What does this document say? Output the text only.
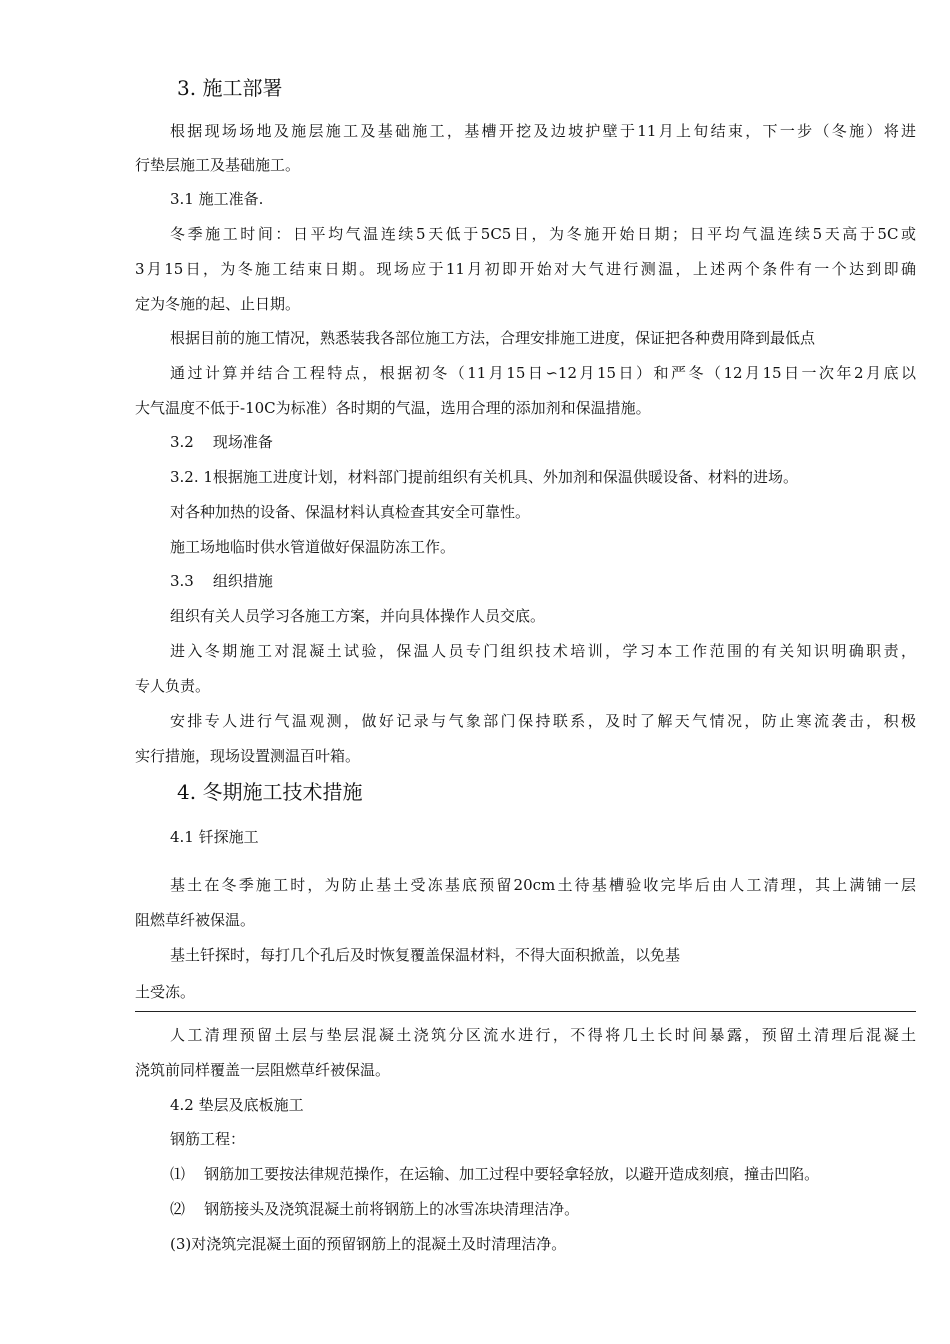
3. 施工部署
根据现场场地及施层施工及基础施工，基槽开挖及边坡护壁于11月上旬结束，下一步（冬施）将进
行垫层施工及基础施工。
3.1 施工准备.
冬季施工时间：日平均气温连续5天低于5C5日，为冬施开始日期；日平均气温连续5天高于5C或
3月15日，为冬施工结束日期。现场应于11月初即开始对大气进行测温，上述两个条件有一个达到即确
定为冬施的起、止日期。
根据目前的施工情况，熟悉装我各部位施工方法，合理安排施工进度，保证把各种费用降到最低点
通过计算并结合工程特点，根据初冬（11月15日∽12月15日）和严冬（12月15日一次年2月底以
大气温度不低于-10C为标准）各时期的气温，选用合理的添加剂和保温措施。
3.2    现场准备
3.2. 1根据施工进度计划，材料部门提前组织有关机具、外加剂和保温供暖设备、材料的进场。
对各种加热的设备、保温材料认真检查其安全可靠性。
施工场地临时供水管道做好保温防冻工作。
3.3    组织措施
组织有关人员学习各施工方案，并向具体操作人员交底。
进入冬期施工对混凝土试验，保温人员专门组织技术培训，学习本工作范围的有关知识明确职责，
专人负责。
安排专人进行气温观测，做好记录与气象部门保持联系，及时了解天气情况，防止寒流袭击，积极
实行措施，现场设置测温百叶箱。
4. 冬期施工技术措施
4.1 钎探施工
基土在冬季施工时，为防止基土受冻基底预留20cm土待基槽验收完毕后由人工清理，其上满铺一层
阻燃草纤被保温。
基土钎探时，每打几个孔后及时恢复覆盖保温材料，不得大面积掀盖，以免基
土受冻。
人工清理预留土层与垫层混凝土浇筑分区流水进行，不得将几土长时间暴露，预留土清理后混凝土
浇筑前同样覆盖一层阻燃草纤被保温。
4.2 垫层及底板施工
钢筋工程：
⑴    钢筋加工要按法律规范操作，在运输、加工过程中要轻拿轻放，以避开造成刻痕，撞击凹陷。
⑵    钢筋接头及浇筑混凝土前将钢筋上的冰雪冻块清理洁净。
(3)对浇筑完混凝土面的预留钢筋上的混凝土及时清理洁净。
